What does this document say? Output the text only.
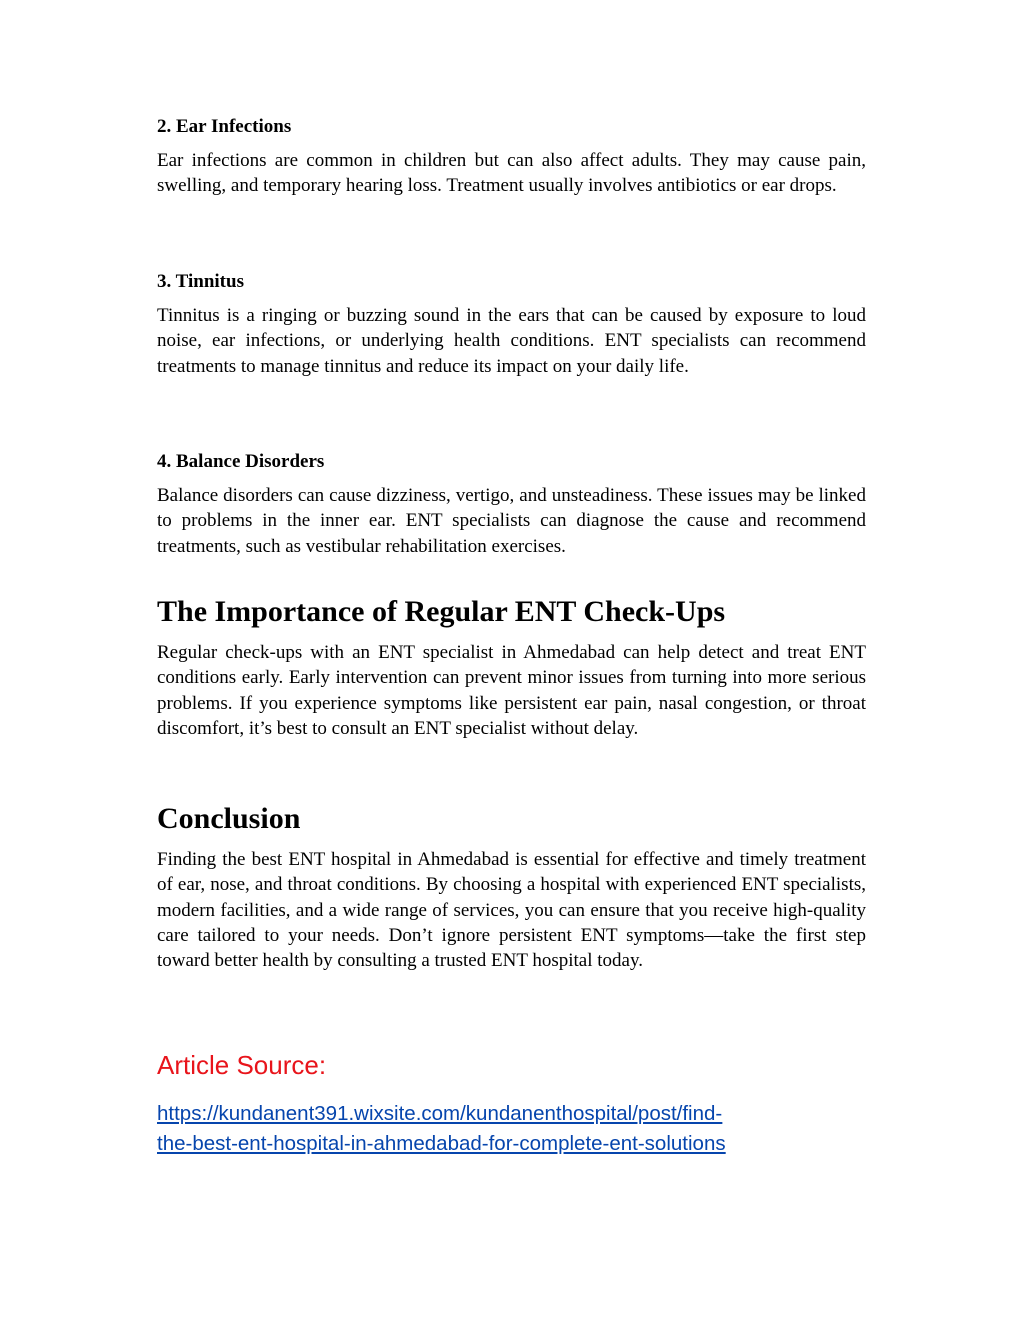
2. Ear Infections

Ear infections are common in children but can also affect adults. They may cause pain, swelling, and temporary hearing loss. Treatment usually involves antibiotics or ear drops.

3. Tinnitus

Tinnitus is a ringing or buzzing sound in the ears that can be caused by exposure to loud noise, ear infections, or underlying health conditions. ENT specialists can recommend treatments to manage tinnitus and reduce its impact on your daily life.

4. Balance Disorders

Balance disorders can cause dizziness, vertigo, and unsteadiness. These issues may be linked to problems in the inner ear. ENT specialists can diagnose the cause and recommend treatments, such as vestibular rehabilitation exercises.

The Importance of Regular ENT Check-Ups

Regular check-ups with an ENT specialist in Ahmedabad can help detect and treat ENT conditions early. Early intervention can prevent minor issues from turning into more serious problems. If you experience symptoms like persistent ear pain, nasal congestion, or throat discomfort, it’s best to consult an ENT specialist without delay.

Conclusion

Finding the best ENT hospital in Ahmedabad is essential for effective and timely treatment of ear, nose, and throat conditions. By choosing a hospital with experienced ENT specialists, modern facilities, and a wide range of services, you can ensure that you receive high-quality care tailored to your needs. Don’t ignore persistent ENT symptoms—take the first step toward better health by consulting a trusted ENT hospital today.

Article Source:
https://kundanent391.wixsite.com/kundanenthospital/post/find-
the-best-ent-hospital-in-ahmedabad-for-complete-ent-solutions
